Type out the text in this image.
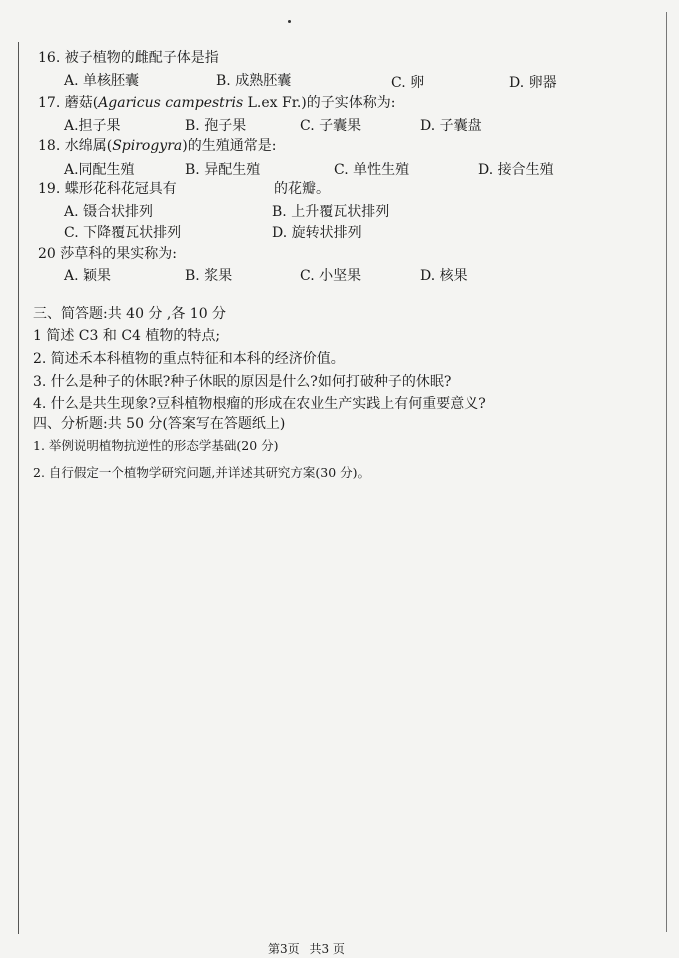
16. 被子植物的雌配子体是指
A. 单核胚囊	B. 成熟胚囊	C. 卵	D. 卵器
17. 蘑菇(Agaricus campestris L.ex Fr.)的子实体称为:
A.担子果	B. 孢子果	C. 子囊果	D. 子囊盘
18. 水绵属(Spirogyra)的生殖通常是:
A.同配生殖	B. 异配生殖	C. 单性生殖	D. 接合生殖
19. 蝶形花科花冠具有	的花瓣。
A. 镊合状排列	B. 上升覆瓦状排列
C. 下降覆瓦状排列	D. 旋转状排列
20 莎草科的果实称为:
A. 颖果	B. 浆果	C. 小坚果	D. 核果
三、简答题:共 40 分 ,各 10 分
1 简述 C3 和 C4 植物的特点;
2. 简述禾本科植物的重点特征和本科的经济价值。
3. 什么是种子的休眠?种子休眠的原因是什么?如何打破种子的休眠?
4. 什么是共生现象?豆科植物根瘤的形成在农业生产实践上有何重要意义?
四、分析题:共 50 分(答案写在答题纸上)
1. 举例说明植物抗逆性的形态学基础(20 分)
2. 自行假定一个植物学研究问题,并详述其研究方案(30 分)。
第3页 共3 页
